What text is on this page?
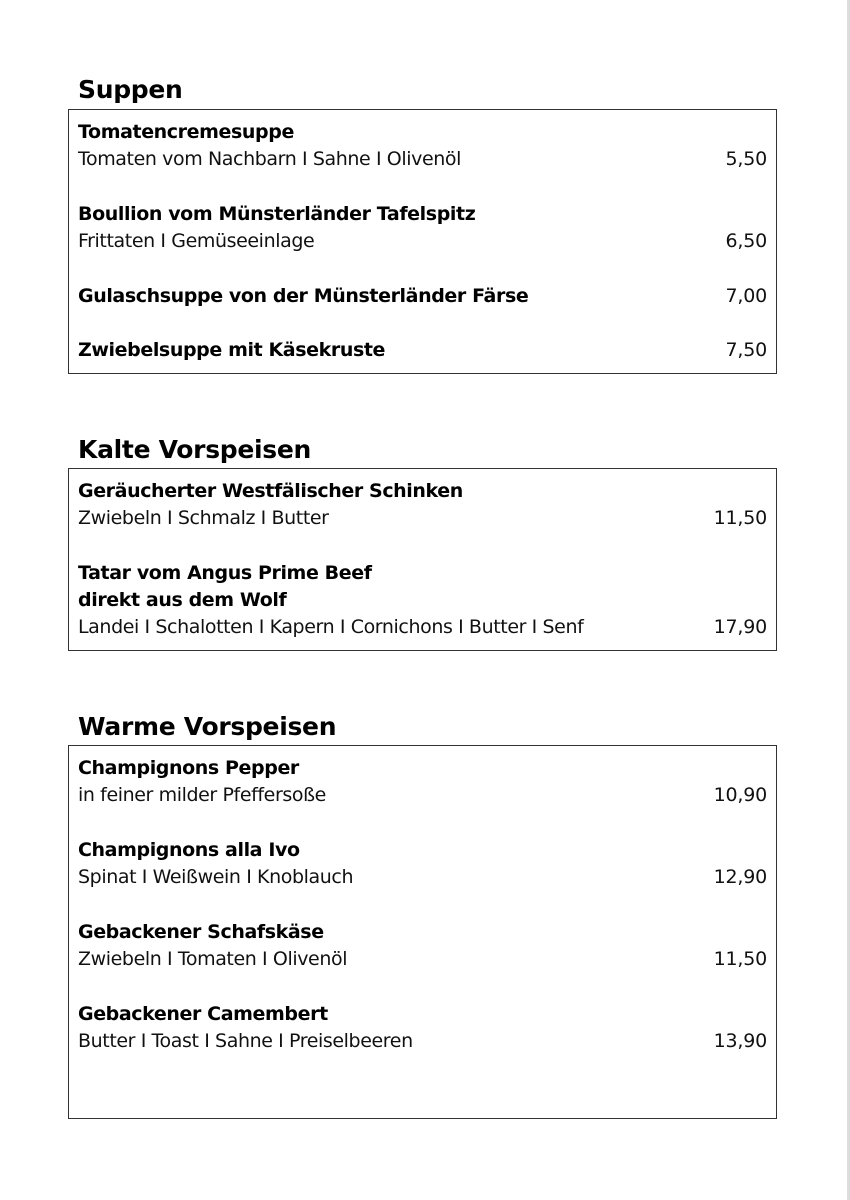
Suppen
Tomatencremesuppe
Tomaten vom Nachbarn I Sahne I Olivenöl	5,50
Boullion vom Münsterländer Tafelspitz
Frittaten I Gemüseeinlage	6,50
Gulaschsuppe von der Münsterländer Färse	7,00
Zwiebelsuppe mit Käsekruste	7,50
Kalte Vorspeisen
Geräucherter Westfälischer Schinken
Zwiebeln I Schmalz I Butter	11,50
Tatar vom Angus Prime Beef
direkt aus dem Wolf
Landei I Schalotten I Kapern I Cornichons I Butter I Senf	17,90
Warme Vorspeisen
Champignons Pepper
in feiner milder Pfeffersoße	10,90
Champignons alla Ivo
Spinat I Weißwein I Knoblauch	12,90
Gebackener Schafskäse
Zwiebeln I Tomaten I Olivenöl	11,50
Gebackener Camembert
Butter I Toast I Sahne I Preiselbeeren	13,90
